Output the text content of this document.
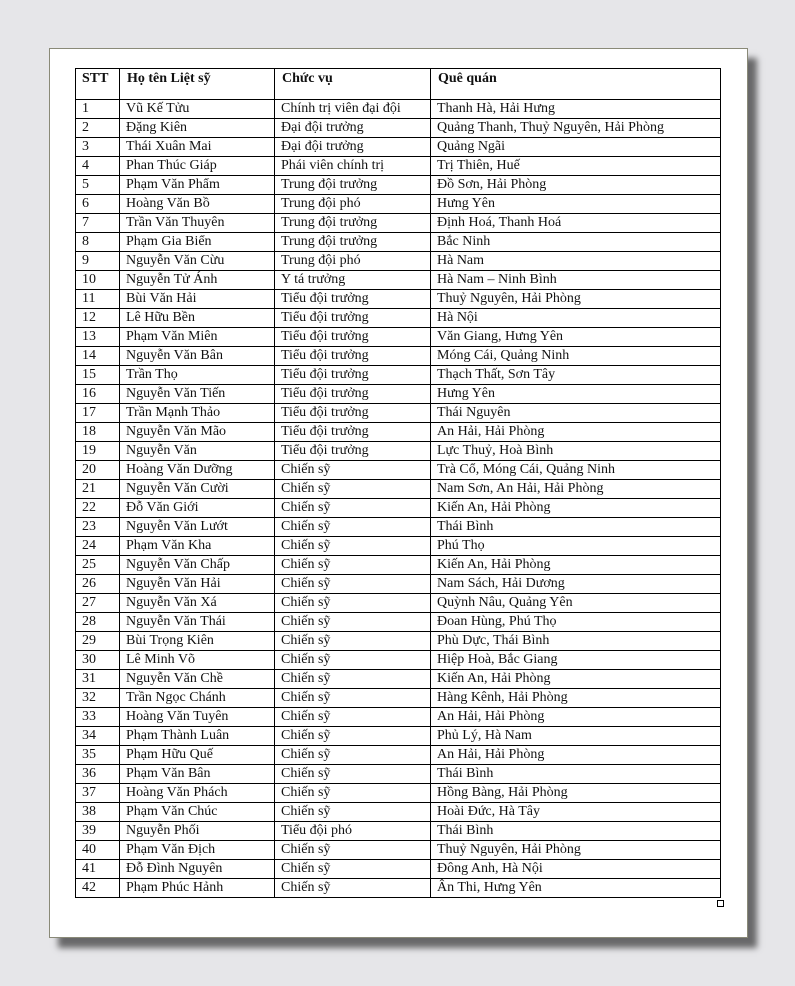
STT	Họ tên Liệt sỹ	Chức vụ	Quê quán
1	Vũ Kế Tửu	Chính trị viên đại đội	Thanh Hà, Hải Hưng
2	Đặng Kiên	Đại đội trưởng	Quảng Thanh, Thuỷ Nguyên, Hải Phòng
3	Thái Xuân Mai	Đại đội trưởng	Quảng Ngãi
4	Phan Thúc Giáp	Phái viên chính trị	Trị Thiên, Huế
5	Phạm Văn Phẩm	Trung đội trưởng	Đồ Sơn, Hải Phòng
6	Hoàng Văn Bồ	Trung đội phó	Hưng Yên
7	Trần Văn Thuyên	Trung đội trưởng	Định Hoá, Thanh Hoá
8	Phạm Gia Biển	Trung đội trưởng	Bắc Ninh
9	Nguyễn Văn Cừu	Trung đội phó	Hà Nam
10	Nguyễn Tử Ánh	Y tá trưởng	Hà Nam – Ninh Bình
11	Bùi Văn Hải	Tiểu đội trưởng	Thuỷ Nguyên, Hải Phòng
12	Lê Hữu Bền	Tiểu đội trưởng	Hà Nội
13	Phạm Văn Miên	Tiểu đội trưởng	Văn Giang, Hưng Yên
14	Nguyễn Văn Bân	Tiểu đội trưởng	Móng Cái, Quảng Ninh
15	Trần Thọ	Tiểu đội trưởng	Thạch Thất, Sơn Tây
16	Nguyễn Văn Tiến	Tiểu đội trưởng	Hưng Yên
17	Trần Mạnh Thảo	Tiểu đội trưởng	Thái Nguyên
18	Nguyễn Văn Mão	Tiểu đội trưởng	An Hải, Hải Phòng
19	Nguyễn Văn	Tiểu đội trưởng	Lực Thuỷ, Hoà Bình
20	Hoàng Văn Dưỡng	Chiến sỹ	Trà Cổ, Móng Cái, Quảng Ninh
21	Nguyễn Văn Cười	Chiến sỹ	Nam Sơn, An Hải, Hải Phòng
22	Đỗ Văn Giới	Chiến sỹ	Kiến An, Hải Phòng
23	Nguyễn Văn Lướt	Chiến sỹ	Thái Bình
24	Phạm Văn Kha	Chiến sỹ	Phú Thọ
25	Nguyễn Văn Chấp	Chiến sỹ	Kiến An, Hải Phòng
26	Nguyễn Văn Hải	Chiến sỹ	Nam Sách, Hải Dương
27	Nguyễn Văn Xá	Chiến sỹ	Quỳnh Nâu, Quảng Yên
28	Nguyễn Văn Thái	Chiến sỹ	Đoan Hùng, Phú Thọ
29	Bùi Trọng Kiên	Chiến sỹ	Phù Dực, Thái Bình
30	Lê Minh Võ	Chiến sỹ	Hiệp Hoà, Bắc Giang
31	Nguyễn Văn Chề	Chiến sỹ	Kiến An, Hải Phòng
32	Trần Ngọc Chánh	Chiến sỹ	Hàng Kênh, Hải Phòng
33	Hoàng Văn Tuyên	Chiến sỹ	An Hải, Hải Phòng
34	Phạm Thành Luân	Chiến sỹ	Phủ Lý, Hà Nam
35	Phạm Hữu Quế	Chiến sỹ	An Hải, Hải Phòng
36	Phạm Văn Bân	Chiến sỹ	Thái Bình
37	Hoàng Văn Phách	Chiến sỹ	Hồng Bàng, Hải Phòng
38	Phạm Văn Chúc	Chiến sỹ	Hoài Đức, Hà Tây
39	Nguyễn Phối	Tiểu đội phó	Thái Bình
40	Phạm Văn Địch	Chiến sỹ	Thuỷ Nguyên, Hải Phòng
41	Đỗ Đình Nguyên	Chiến sỹ	Đông Anh, Hà Nội
42	Phạm Phúc Hảnh	Chiến sỹ	Ân Thi, Hưng Yên
